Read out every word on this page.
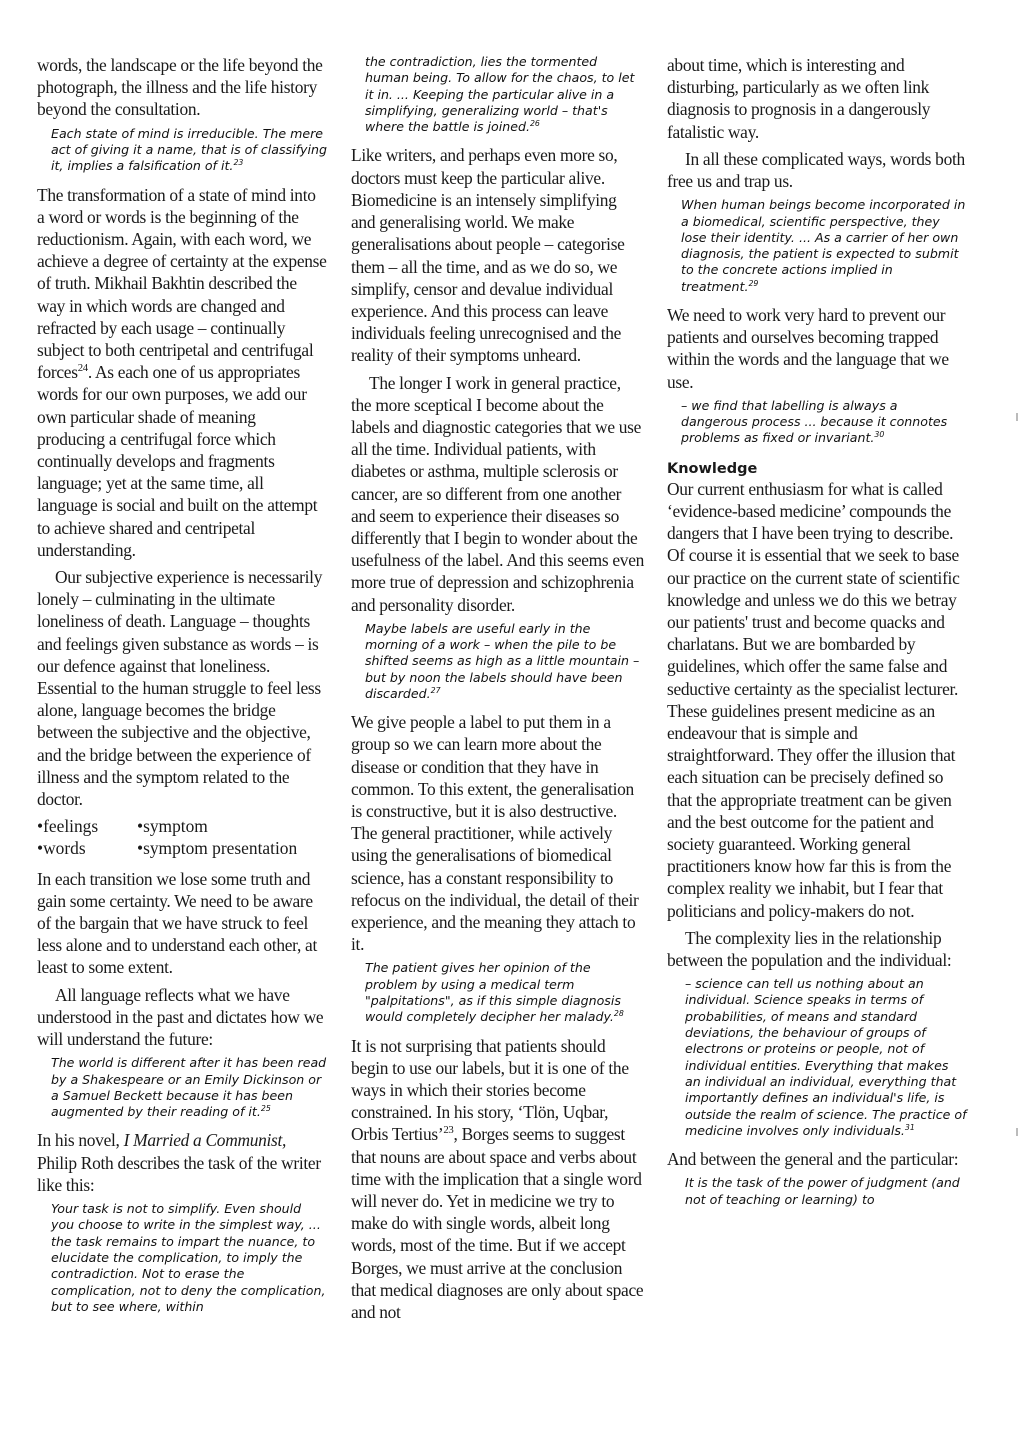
words, the landscape or the life beyond the photograph, the illness and the life history beyond the consultation.

Each state of mind is irreducible. The mere act of giving it a name, that is of classifying it, implies a falsification of it.$^{23}$

The transformation of a state of mind into a word or words is the beginning of the reductionism. Again, with each word, we achieve a degree of certainty at the expense of truth. Mikhail Bakhtin described the way in which words are changed and refracted by each usage – continually subject to both centripetal and centrifugal forces$^{24}$. As each one of us appropriates words for our own purposes, we add our own particular shade of meaning producing a centrifugal force which continually develops and fragments language; yet at the same time, all language is social and built on the attempt to achieve shared and centripetal understanding.

Our subjective experience is necessarily lonely – culminating in the ultimate loneliness of death. Language – thoughts and feelings given substance as words – is our defence against that loneliness. Essential to the human struggle to feel less alone, language becomes the bridge between the subjective and the objective, and the bridge between the experience of illness and the symptom related to the doctor.

•feelings	•symptom
•words	•symptom presentation

In each transition we lose some truth and gain some certainty. We need to be aware of the bargain that we have struck to feel less alone and to understand each other, at least to some extent.

All language reflects what we have understood in the past and dictates how we will understand the future:

The world is different after it has been read by a Shakespeare or an Emily Dickinson or a Samuel Beckett because it has been augmented by their reading of it.$^{25}$

In his novel, I Married a Communist, Philip Roth describes the task of the writer like this:

Your task is not to simplify. Even should you choose to write in the simplest way, ... the task remains to impart the nuance, to elucidate the complication, to imply the contradiction. Not to erase the complication, not to deny the complication, but to see where, within

the contradiction, lies the tormented human being. To allow for the chaos, to let it in. ... Keeping the particular alive in a simplifying, generalizing world – that's where the battle is joined.$^{26}$

Like writers, and perhaps even more so, doctors must keep the particular alive. Biomedicine is an intensely simplifying and generalising world. We make generalisations about people – categorise them – all the time, and as we do so, we simplify, censor and devalue individual experience. And this process can leave individuals feeling unrecognised and the reality of their symptoms unheard.

The longer I work in general practice, the more sceptical I become about the labels and diagnostic categories that we use all the time. Individual patients, with diabetes or asthma, multiple sclerosis or cancer, are so different from one another and seem to experience their diseases so differently that I begin to wonder about the usefulness of the label. And this seems even more true of depression and schizophrenia and personality disorder.

Maybe labels are useful early in the morning of a work – when the pile to be shifted seems as high as a little mountain – but by noon the labels should have been discarded.$^{27}$

We give people a label to put them in a group so we can learn more about the disease or condition that they have in common. To this extent, the generalisation is constructive, but it is also destructive. The general practitioner, while actively using the generalisations of biomedical science, has a constant responsibility to refocus on the individual, the detail of their experience, and the meaning they attach to it.

The patient gives her opinion of the problem by using a medical term "palpitations", as if this simple diagnosis would completely decipher her malady.$^{28}$

It is not surprising that patients should begin to use our labels, but it is one of the ways in which their stories become constrained. In his story, ‘Tlön, Uqbar, Orbis Tertius’$^{23}$, Borges seems to suggest that nouns are about space and verbs about time with the implication that a single word will never do. Yet in medicine we try to make do with single words, albeit long words, most of the time. But if we accept Borges, we must arrive at the conclusion that medical diagnoses are only about space and not

about time, which is interesting and disturbing, particularly as we often link diagnosis to prognosis in a dangerously fatalistic way.

In all these complicated ways, words both free us and trap us.

When human beings become incorporated in a biomedical, scientific perspective, they lose their identity. ... As a carrier of her own diagnosis, the patient is expected to submit to the concrete actions implied in treatment.$^{29}$

We need to work very hard to prevent our patients and ourselves becoming trapped within the words and the language that we use.

– we find that labelling is always a dangerous process ... because it connotes problems as fixed or invariant.$^{30}$

Knowledge

Our current enthusiasm for what is called ‘evidence-based medicine’ compounds the dangers that I have been trying to describe. Of course it is essential that we seek to base our practice on the current state of scientific knowledge and unless we do this we betray our patients' trust and become quacks and charlatans. But we are bombarded by guidelines, which offer the same false and seductive certainty as the specialist lecturer. These guidelines present medicine as an endeavour that is simple and straightforward. They offer the illusion that each situation can be precisely defined so that the appropriate treatment can be given and the best outcome for the patient and society guaranteed. Working general practitioners know how far this is from the complex reality we inhabit, but I fear that politicians and policy-makers do not.

The complexity lies in the relationship between the population and the individual:

– science can tell us nothing about an individual. Science speaks in terms of probabilities, of means and standard deviations, the behaviour of groups of electrons or proteins or people, not of individual entities. Everything that makes an individual an individual, everything that importantly defines an individual's life, is outside the realm of science. The practice of medicine involves only individuals.$^{31}$

And between the general and the particular:

It is the task of the power of judgment (and not of teaching or learning) to
